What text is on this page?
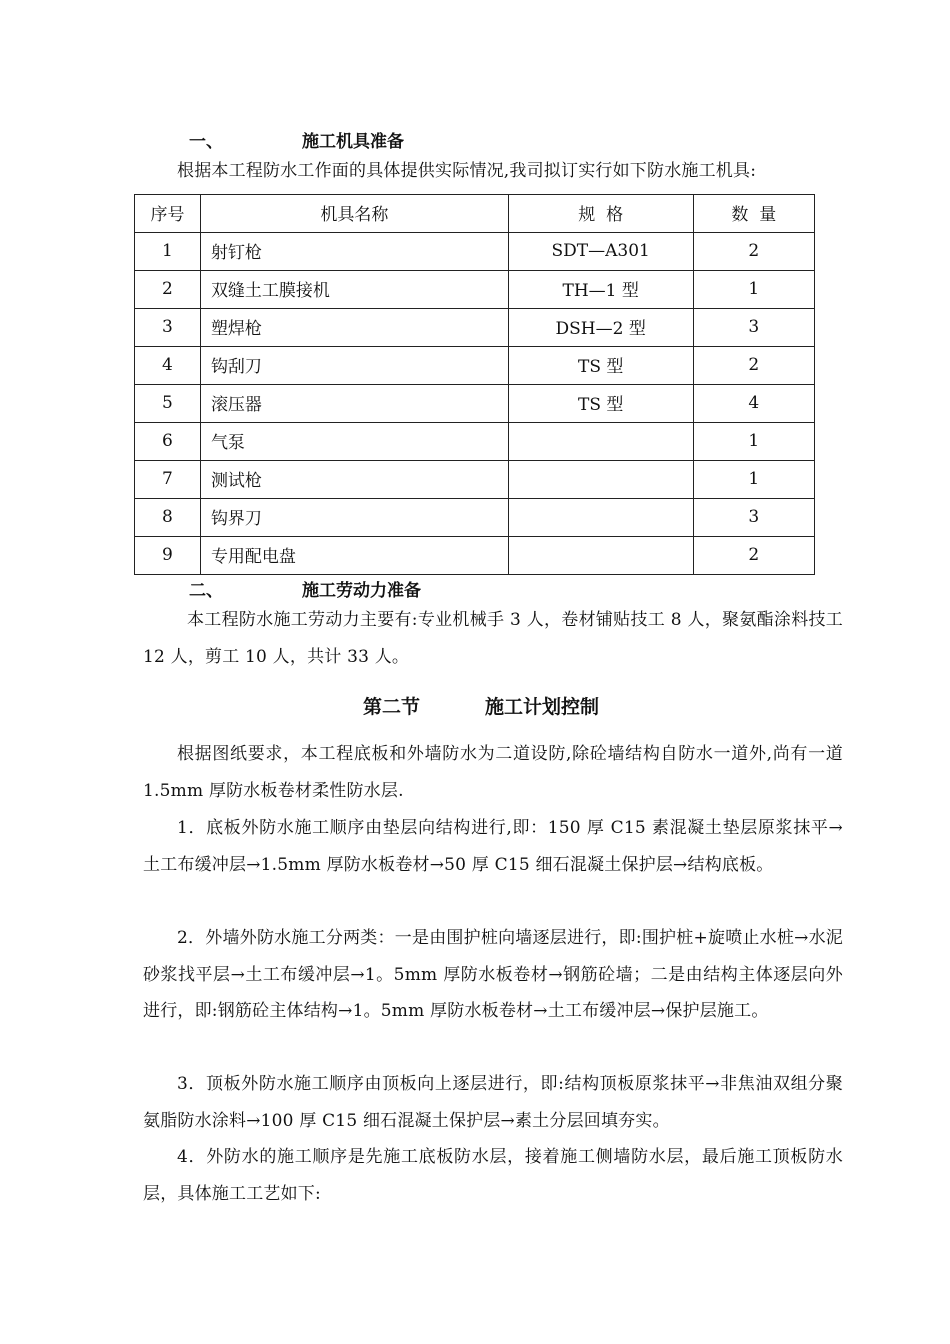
一、	施工机具准备
根据本工程防水工作面的具体提供实际情况,我司拟订实行如下防水施工机具:
序号	机具名称	规  格	数  量
1	射钉枪	SDT—A301	2
2	双缝土工膜接机	TH—1 型	1
3	塑焊枪	DSH—2 型	3
4	钩刮刀	TS 型	2
5	滚压器	TS 型	4
6	气泵		1
7	测试枪		1
8	钩界刀		3
9	专用配电盘		2
二、	施工劳动力准备
本工程防水施工劳动力主要有:专业机械手 3 人，卷材铺贴技工 8 人，聚氨酯涂料技工 12 人，剪工 10 人，共计 33 人。
第二节	施工计划控制
根据图纸要求，本工程底板和外墙防水为二道设防,除砼墙结构自防水一道外,尚有一道 1.5mm 厚防水板卷材柔性防水层.
1．底板外防水施工顺序由垫层向结构进行,即：150 厚 C15 素混凝土垫层原浆抹平→土工布缓冲层→1.5mm 厚防水板卷材→50 厚 C15 细石混凝土保护层→结构底板。
2．外墙外防水施工分两类：一是由围护桩向墙逐层进行，即:围护桩+旋喷止水桩→水泥砂浆找平层→土工布缓冲层→1。5mm 厚防水板卷材→钢筋砼墙；二是由结构主体逐层向外进行，即:钢筋砼主体结构→1。5mm 厚防水板卷材→土工布缓冲层→保护层施工。
3．顶板外防水施工顺序由顶板向上逐层进行，即:结构顶板原浆抹平→非焦油双组分聚氨脂防水涂料→100 厚 C15 细石混凝土保护层→素土分层回填夯实。
4．外防水的施工顺序是先施工底板防水层，接着施工侧墙防水层，最后施工顶板防水层，具体施工工艺如下:
